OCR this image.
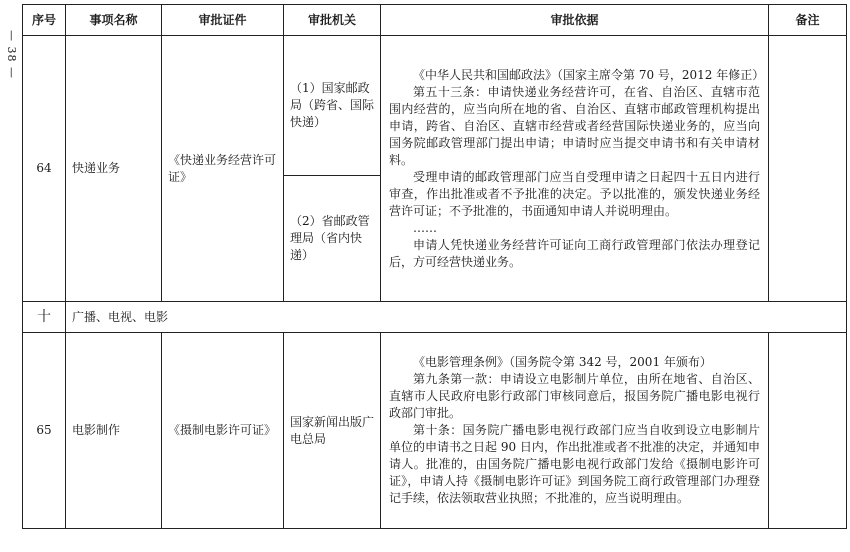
— 38 —
序号	事项名称	审批证件	审批机关	审批依据	备注
64	快递业务	《快递业务经营许可证》	（1）国家邮政局（跨省、国际快递）	《中华人民共和国邮政法》（国家主席令第 70 号，2012 年修正）

第五十三条：申请快递业务经营许可，在省、自治区、直辖市范围内经营的，应当向所在地的省、自治区、直辖市邮政管理机构提出申请，跨省、自治区、直辖市经营或者经营国际快递业务的，应当向国务院邮政管理部门提出申请；申请时应当提交申请书和有关申请材料。

受理申请的邮政管理部门应当自受理申请之日起四十五日内进行审查，作出批准或者不予批准的决定。予以批准的，颁发快递业务经营许可证；不予批准的，书面通知申请人并说明理由。

……

申请人凭快递业务经营许可证向工商行政管理部门依法办理登记后，方可经营快递业务。	

			（2）省邮政管理局（省内快递）		
十	广播、电视、电影				
65	电影制作	《摄制电影许可证》	国家新闻出版广电总局	《电影管理条例》（国务院令第 342 号，2001 年颁布）

第九条第一款：申请设立电影制片单位，由所在地省、自治区、直辖市人民政府电影行政部门审核同意后，报国务院广播电影电视行政部门审批。

第十条：国务院广播电影电视行政部门应当自收到设立电影制片单位的申请书之日起 90 日内，作出批准或者不批准的决定，并通知申请人。批准的，由国务院广播电影电视行政部门发给《摄制电影许可证》，申请人持《摄制电影许可证》到国务院工商行政管理部门办理登记手续，依法领取营业执照；不批准的，应当说明理由。	
